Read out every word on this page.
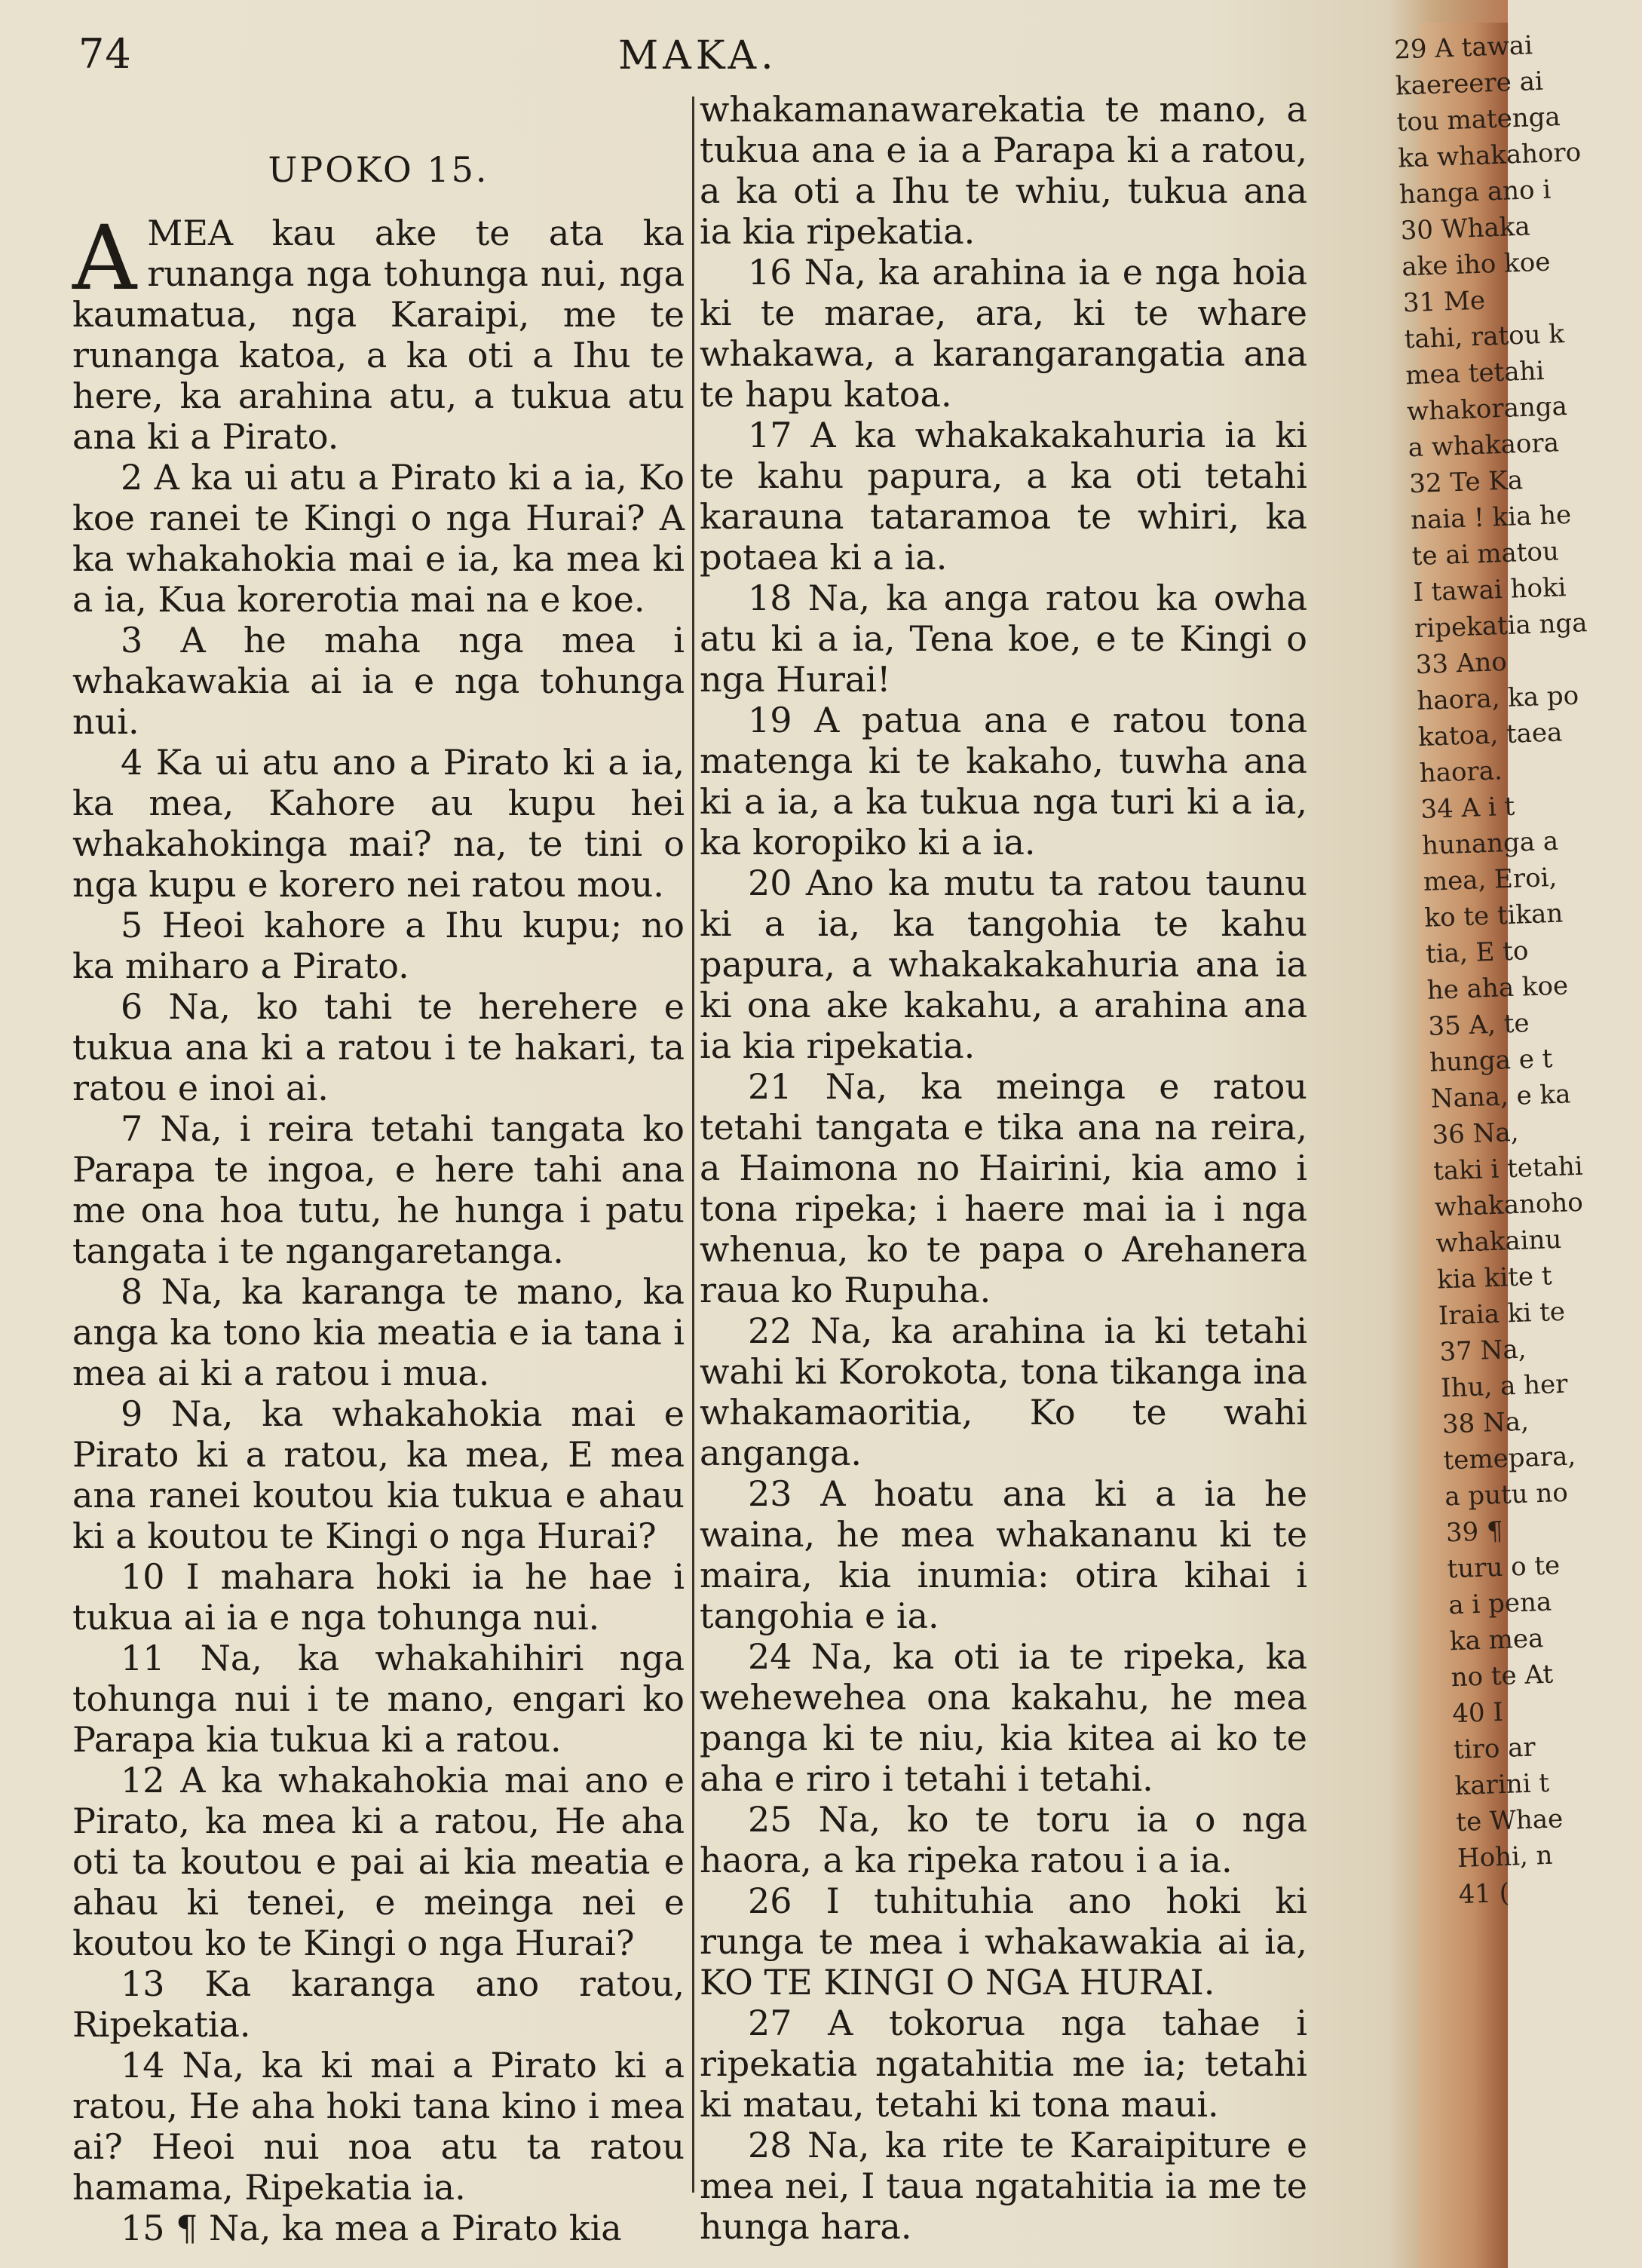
74	MAKA.
UPOKO 15.

A MEA kau ake te ata ka runanga nga tohunga nui, nga kaumatua, nga Karaipi, me te runanga katoa, a ka oti a Ihu te here, ka arahina atu, a tukua atu ana ki a Pirato.

2 A ka ui atu a Pirato ki a ia, Ko koe ranei te Kingi o nga Hurai? A ka whakahokia mai e ia, ka mea ki a ia, Kua korerotia mai na e koe.

3 A he maha nga mea i whakawakia ai ia e nga tohunga nui.

4 Ka ui atu ano a Pirato ki a ia, ka mea, Kahore au kupu hei whakahokinga mai? na, te tini o nga kupu e korero nei ratou mou.

5 Heoi kahore a Ihu kupu; no ka miharo a Pirato.

6 Na, ko tahi te herehere e tukua ana ki a ratou i te hakari, ta ratou e inoi ai.

7 Na, i reira tetahi tangata ko Parapa te ingoa, e here tahi ana me ona hoa tutu, he hunga i patu tangata i te ngangaretanga.

8 Na, ka karanga te mano, ka anga ka tono kia meatia e ia tana i mea ai ki a ratou i mua.

9 Na, ka whakahokia mai e Pirato ki a ratou, ka mea, E mea ana ranei koutou kia tukua e ahau ki a koutou te Kingi o nga Hurai?

10 I mahara hoki ia he hae i tukua ai ia e nga tohunga nui.

11 Na, ka whakahihiri nga tohunga nui i te mano, engari ko Parapa kia tukua ki a ratou.

12 A ka whakahokia mai ano e Pirato, ka mea ki a ratou, He aha oti ta koutou e pai ai kia meatia e ahau ki tenei, e meinga nei e koutou ko te Kingi o nga Hurai?

13 Ka karanga ano ratou, Ripekatia.

14 Na, ka ki mai a Pirato ki a ratou, He aha hoki tana kino i mea ai? Heoi nui noa atu ta ratou hamama, Ripekatia ia.

15 ¶ Na, ka mea a Pirato kia

whakamanawarekatia te mano, a tukua ana e ia a Parapa ki a ratou, a ka oti a Ihu te whiu, tukua ana ia kia ripekatia.

16 Na, ka arahina ia e nga hoia ki te marae, ara, ki te whare whakawa, a karangarangatia ana te hapu katoa.

17 A ka whakakakahuria ia ki te kahu papura, a ka oti tetahi karauna tataramoa te whiri, ka potaea ki a ia.

18 Na, ka anga ratou ka owha atu ki a ia, Tena koe, e te Kingi o nga Hurai!

19 A patua ana e ratou tona matenga ki te kakaho, tuwha ana ki a ia, a ka tukua nga turi ki a ia, ka koropiko ki a ia.

20 Ano ka mutu ta ratou taunu ki a ia, ka tangohia te kahu papura, a whakakakahuria ana ia ki ona ake kakahu, a arahina ana ia kia ripekatia.

21 Na, ka meinga e ratou tetahi tangata e tika ana na reira, a Haimona no Hairini, kia amo i tona ripeka; i haere mai ia i nga whenua, ko te papa o Arehanera raua ko Rupuha.

22 Na, ka arahina ia ki tetahi wahi ki Korokota, tona tikanga ina whakamaoritia, Ko te wahi anganga.

23 A hoatu ana ki a ia he waina, he mea whakananu ki te maira, kia inumia: otira kihai i tangohia e ia.

24 Na, ka oti ia te ripeka, ka wehewehea ona kakahu, he mea panga ki te niu, kia kitea ai ko te aha e riro i tetahi i tetahi.

25 Na, ko te toru ia o nga haora, a ka ripeka ratou i a ia.

26 I tuhituhia ano hoki ki runga te mea i whakawakia ai ia, KO TE KINGI O NGA HURAI.

27 A tokorua nga tahae i ripekatia ngatahitia me ia; tetahi ki matau, tetahi ki tona maui.

28 Na, ka rite te Karaipiture e mea nei, I taua ngatahitia ia me te hunga hara.

29 A tawai
kaereere ai
tou matenga
ka whakahoro
hanga ano i
30 Whaka
ake iho koe
31 Me
tahi, ratou k
mea tetahi
whakoranga
a whakaora
32 Te Ka
naia ! kia he
te ai matou
I tawai hoki
ripekatia nga
33 Ano
haora, ka po
katoa, taea
haora.
34 A i t
hunanga a
mea, Eroi,
ko te tikan
tia, E to
he aha koe
35 A, te
hunga e t
Nana, e ka
36 Na,
taki i tetahi
whakanoho
whakainu
kia kite t
Iraia ki te
37 Na,
Ihu, a her
38 Na,
temepara,
a putu no
39 ¶
turu o te
a i pena
ka mea
no te At
40 I
tiro ar
karini t
te Whae
Hohi, n
41 (
